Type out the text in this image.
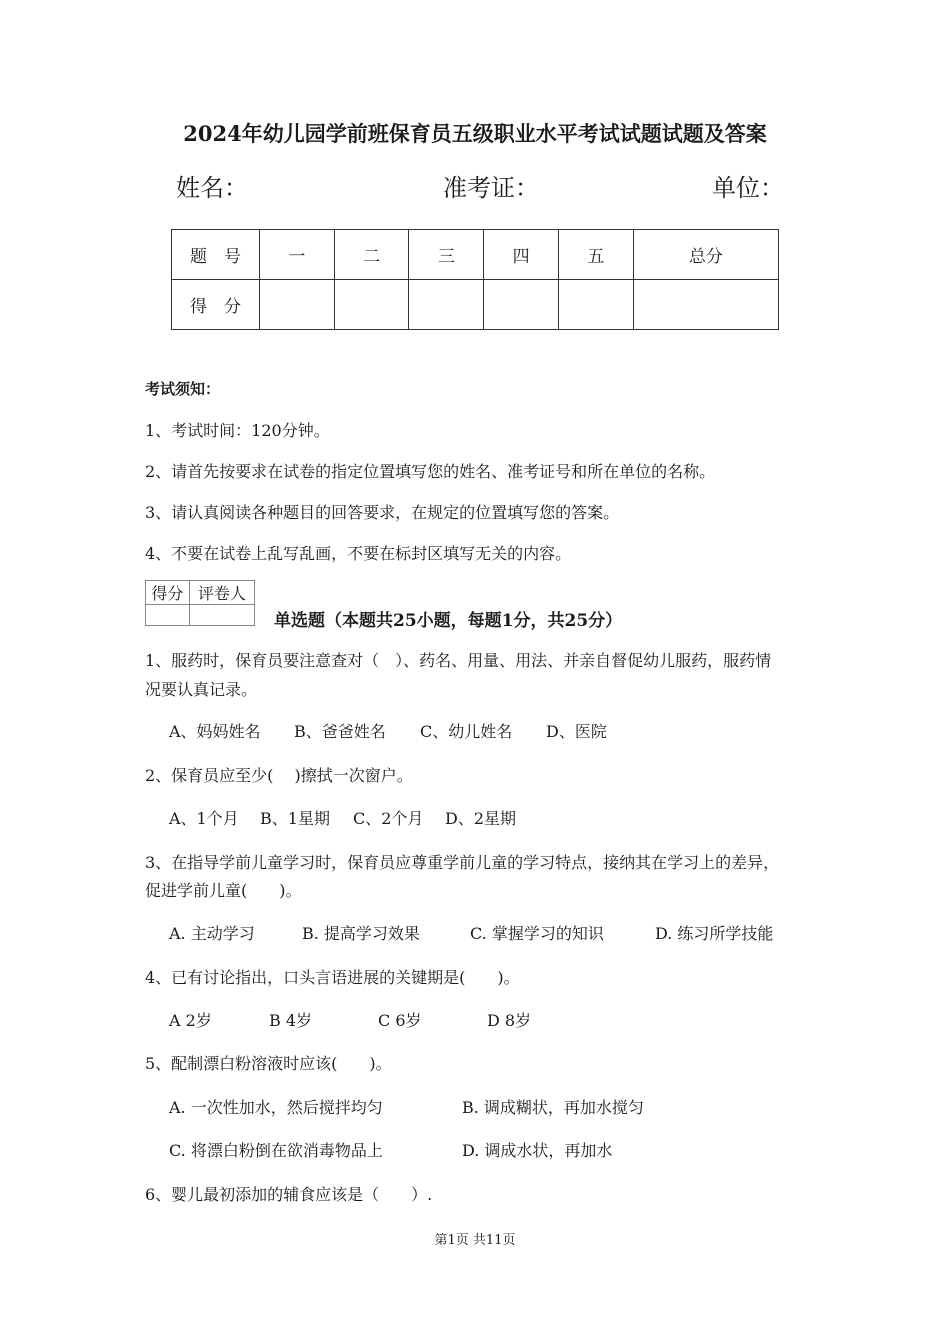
2024年幼儿园学前班保育员五级职业水平考试试题试题及答案
姓名：	准考证：	单位：
题　号	一	二	三	四	五	总分
得　分						
考试须知：
1、考试时间：120分钟。
2、请首先按要求在试卷的指定位置填写您的姓名、准考证号和所在单位的名称。
3、请认真阅读各种题目的回答要求，在规定的位置填写您的答案。
4、不要在试卷上乱写乱画，不要在标封区填写无关的内容。
得分	评卷人

单选题（本题共25小题，每题1分，共25分）
1、服药时，保育员要注意查对（　）、药名、用量、用法、并亲自督促幼儿服药，服药情
况要认真记录。
A、妈妈姓名 B、爸爸姓名 C、幼儿姓名 D、医院
2、保育员应至少(　 )擦拭一次窗户。
A、1个月 B、1星期 C、2个月 D、2星期
3、在指导学前儿童学习时，保育员应尊重学前儿童的学习特点，接纳其在学习上的差异，
促进学前儿童(　　)。
A. 主动学习	B. 提高学习效果	C. 掌握学习的知识	D. 练习所学技能
4、已有讨论指出，口头言语进展的关键期是(　　)。
A 2岁	B 4岁	C 6岁	D 8岁
5、配制漂白粉溶液时应该(　　)。
A. 一次性加水，然后搅拌均匀	B. 调成糊状，再加水搅匀
C. 将漂白粉倒在欲消毒物品上	D. 调成水状，再加水
6、婴儿最初添加的辅食应该是（　　）.
第1页 共11页
